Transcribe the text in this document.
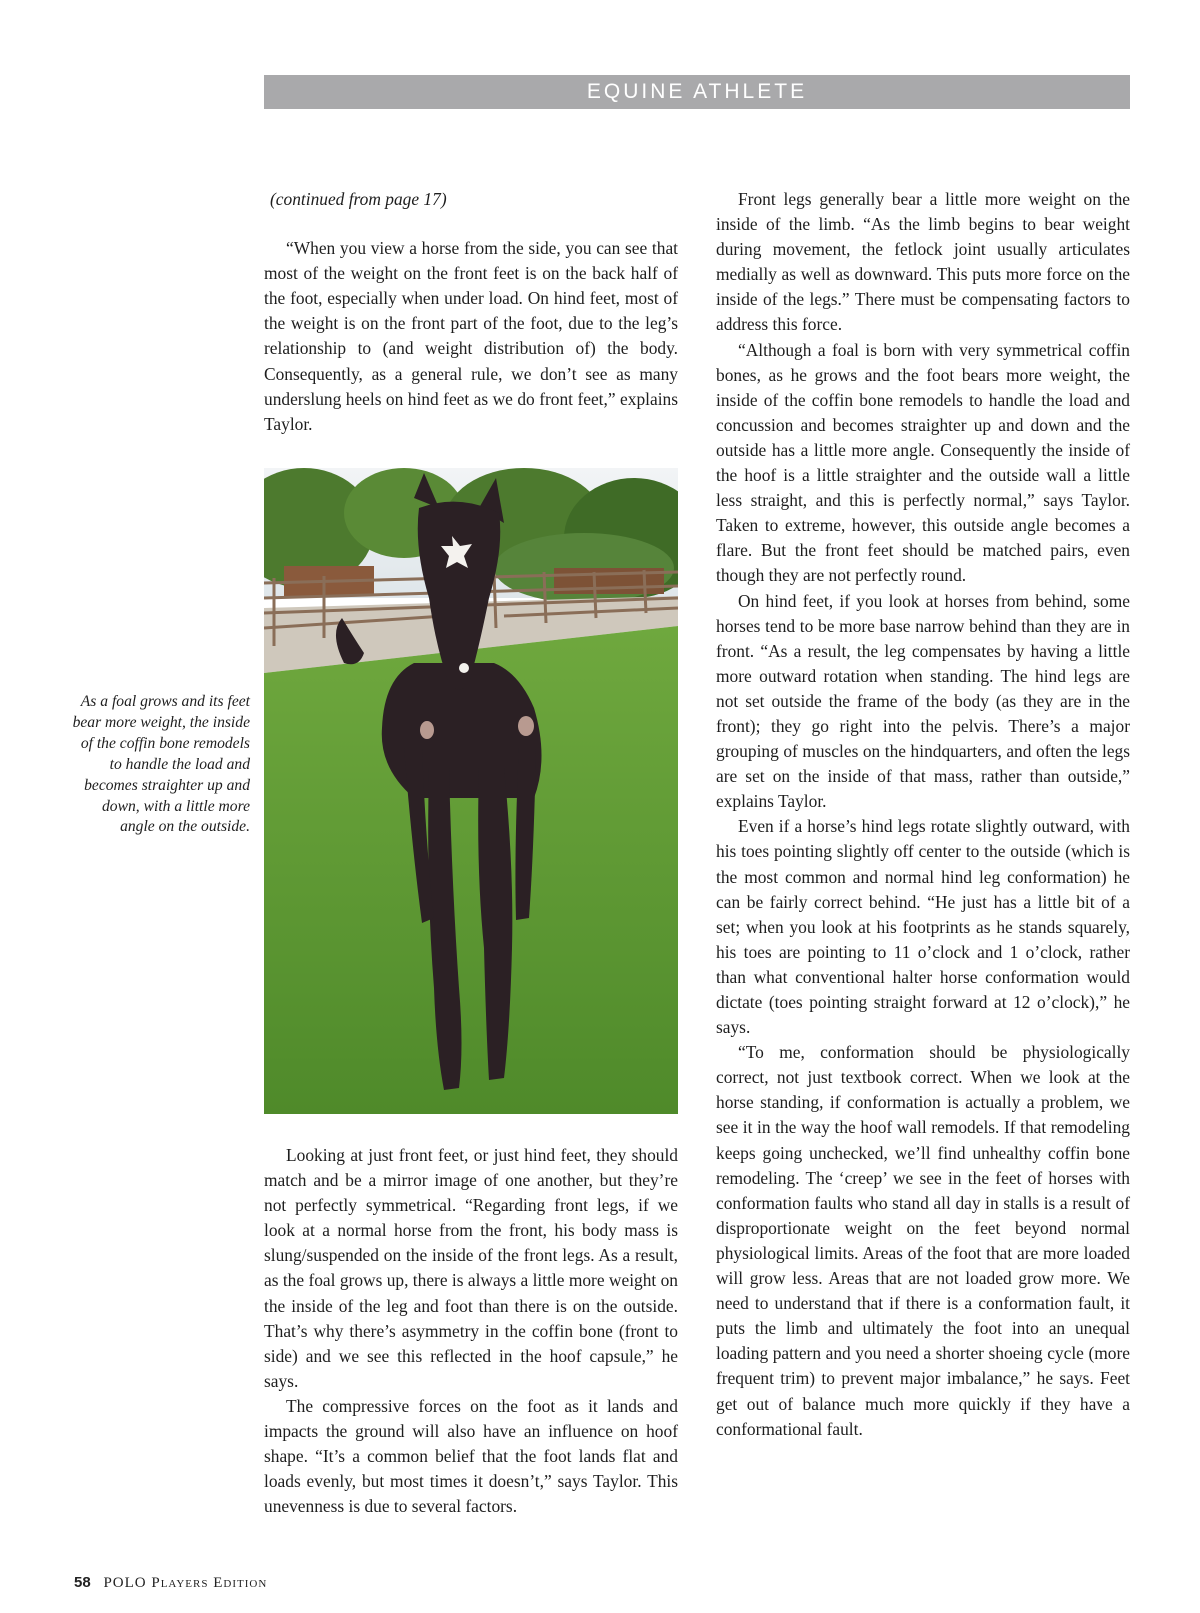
EQUINE ATHLETE

(continued from page 17)

“When you view a horse from the side, you can see that most of the weight on the front feet is on the back half of the foot, especially when under load. On hind feet, most of the weight is on the front part of the foot, due to the leg’s relationship to (and weight distribution of) the body. Consequently, as a general rule, we don’t see as many underslung heels on hind feet as we do front feet,” explains Taylor.

As a foal grows and its feet bear more weight, the inside of the coffin bone remodels to handle the load and becomes straighter up and down, with a little more angle on the outside.

Looking at just front feet, or just hind feet, they should match and be a mirror image of one another, but they’re not perfectly symmetrical. “Regarding front legs, if we look at a normal horse from the front, his body mass is slung/suspended on the inside of the front legs. As a result, as the foal grows up, there is always a little more weight on the inside of the leg and foot than there is on the outside. That’s why there’s asymmetry in the coffin bone (front to side) and we see this reflected in the hoof capsule,” he says.

The compressive forces on the foot as it lands and impacts the ground will also have an influence on hoof shape. “It’s a common belief that the foot lands flat and loads evenly, but most times it doesn’t,” says Taylor. This unevenness is due to several factors.

Front legs generally bear a little more weight on the inside of the limb. “As the limb begins to bear weight during movement, the fetlock joint usually articulates medially as well as downward. This puts more force on the inside of the legs.” There must be compensating factors to address this force.

“Although a foal is born with very symmetrical coffin bones, as he grows and the foot bears more weight, the inside of the coffin bone remodels to handle the load and concussion and becomes straighter up and down and the outside has a little more angle. Consequently the inside of the hoof is a little straighter and the outside wall a little less straight, and this is perfectly normal,” says Taylor. Taken to extreme, however, this outside angle becomes a flare. But the front feet should be matched pairs, even though they are not perfectly round.

On hind feet, if you look at horses from behind, some horses tend to be more base narrow behind than they are in front. “As a result, the leg compensates by having a little more outward rotation when standing. The hind legs are not set outside the frame of the body (as they are in the front); they go right into the pelvis. There’s a major grouping of muscles on the hindquarters, and often the legs are set on the inside of that mass, rather than outside,” explains Taylor.

Even if a horse’s hind legs rotate slightly outward, with his toes pointing slightly off center to the outside (which is the most common and normal hind leg conformation) he can be fairly correct behind. “He just has a little bit of a set; when you look at his footprints as he stands squarely, his toes are pointing to 11 o’clock and 1 o’clock, rather than what conventional halter horse conformation would dictate (toes pointing straight forward at 12 o’clock),” he says.

“To me, conformation should be physiologically correct, not just textbook correct. When we look at the horse standing, if conformation is actually a problem, we see it in the way the hoof wall remodels. If that remodeling keeps going unchecked, we’ll find unhealthy coffin bone remodeling. The ‘creep’ we see in the feet of horses with conformation faults who stand all day in stalls is a result of disproportionate weight on the feet beyond normal physiological limits. Areas of the foot that are more loaded will grow less. Areas that are not loaded grow more. We need to understand that if there is a conformation fault, it puts the limb and ultimately the foot into an unequal loading pattern and you need a shorter shoeing cycle (more frequent trim) to prevent major imbalance,” he says. Feet get out of balance much more quickly if they have a conformational fault.

58 POLO Players Edition
